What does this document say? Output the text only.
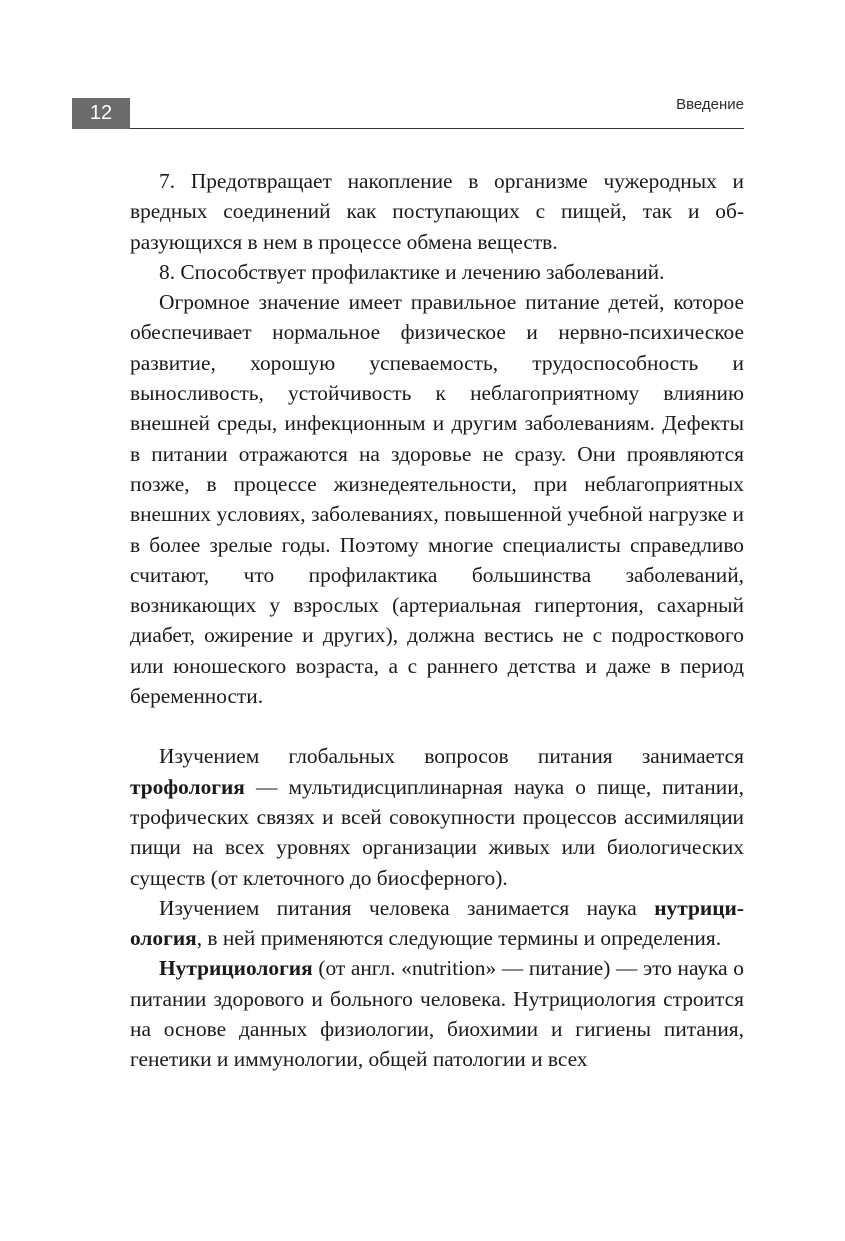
12	Введение

7. Предотвращает накопление в организме чужеродных и вредных соединений как поступающих с пищей, так и образующихся в нем в процессе обмена веществ.

8. Способствует профилактике и лечению заболеваний.

Огромное значение имеет правильное питание детей, которое обеспечивает нормальное физическое и нервно-психическое развитие, хорошую успеваемость, трудоспособность и выносливость, устойчивость к неблагоприятному влиянию внешней среды, инфекционным и другим заболеваниям. Дефекты в питании отражаются на здоровье не сразу. Они проявляются позже, в процессе жизнедеятельности, при неблагоприятных внешних условиях, заболеваниях, повышенной учебной нагрузке и в более зрелые годы. Поэтому многие специалисты справедливо считают, что профилактика большинства заболеваний, возникающих у взрослых (артериальная гипертония, сахарный диабет, ожирение и других), должна вестись не с подросткового или юношеского возраста, а с раннего детства и даже в период беременности.

Изучением глобальных вопросов питания занимается трофология — мультидисциплинарная наука о пище, питании, трофических связях и всей совокупности процессов ассимиляции пищи на всех уровнях организации живых или биологических существ (от клеточного до биосферного).

Изучением питания человека занимается наука нутрициология, в ней применяются следующие термины и определения.

Нутрициология (от англ. «nutrition» — питание) — это наука о питании здорового и больного человека. Нутрициология строится на основе данных физиологии, биохимии и гигиены питания, генетики и иммунологии, общей патологии и всех
